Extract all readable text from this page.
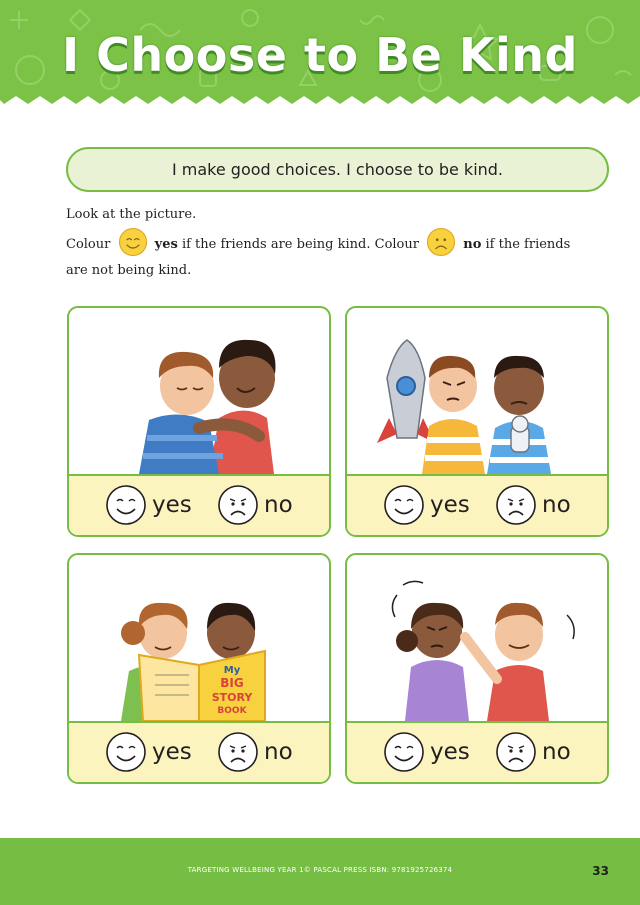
I Choose to Be Kind
I make good choices. I choose to be kind.
Look at the picture.
Colour	yes if the friends are being kind. Colour	no if the friends are not being kind.
yes	no	yes	no
My
BIG
STORY
BOOK
yes	no	yes	no
TARGETING WELLBEING YEAR 1© PASCAL PRESS ISBN: 9781925726374	33
